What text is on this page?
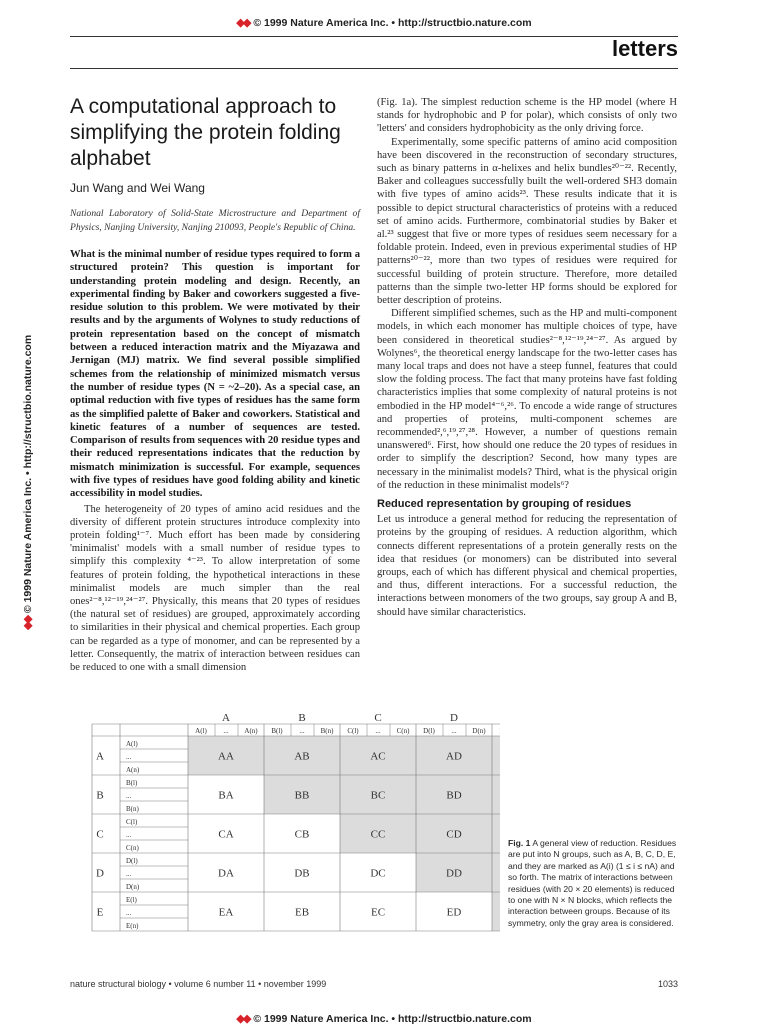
◆◆ © 1999 Nature America Inc. • http://structbio.nature.com
◆◆© 1999 Nature America Inc. • http://structbio.nature.com
letters
A computational approach to simplifying the protein folding alphabet
Jun Wang and Wei Wang
National Laboratory of Solid-State Microstructure and Department of Physics, Nanjing University, Nanjing 210093, People's Republic of China.
What is the minimal number of residue types required to form a structured protein? This question is important for understanding protein modeling and design. Recently, an experimental finding by Baker and coworkers suggested a five-residue solution to this problem. We were motivated by their results and by the arguments of Wolynes to study reductions of protein representation based on the concept of mismatch between a reduced interaction matrix and the Miyazawa and Jernigan (MJ) matrix. We find several possible simplified schemes from the relationship of minimized mismatch versus the number of residue types (N = ~2–20). As a special case, an optimal reduction with five types of residues has the same form as the simplified palette of Baker and coworkers. Statistical and kinetic features of a number of sequences are tested. Comparison of results from sequences with 20 residue types and their reduced representations indicates that the reduction by mismatch minimization is successful. For example, sequences with five types of residues have good folding ability and kinetic accessibility in model studies.

The heterogeneity of 20 types of amino acid residues and the diversity of different protein structures introduce complexity into protein folding¹⁻⁷. Much effort has been made by considering 'minimalist' models with a small number of residue types to simplify this complexity ⁴⁻²³. To allow interpretation of some features of protein folding, the hypothetical interactions in these minimalist models are much simpler than the real ones²⁻⁸,¹²⁻¹⁹,²⁴⁻²⁷. Physically, this means that 20 types of residues (the natural set of residues) are grouped, approximately according to similarities in their physical and chemical properties. Each group can be regarded as a type of monomer, and can be represented by a letter. Consequently, the matrix of interaction between residues can be reduced to one with a small dimension

(Fig. 1a). The simplest reduction scheme is the HP model (where H stands for hydrophobic and P for polar), which consists of only two 'letters' and considers hydrophobicity as the only driving force.

Experimentally, some specific patterns of amino acid composition have been discovered in the reconstruction of secondary structures, such as binary patterns in α-helixes and helix bundles²⁰⁻²². Recently, Baker and colleagues successfully built the well-ordered SH3 domain with five types of amino acids²³. These results indicate that it is possible to depict structural characteristics of proteins with a reduced set of amino acids. Furthermore, combinatorial studies by Baker et al.²³ suggest that five or more types of residues seem necessary for a foldable protein. Indeed, even in previous experimental studies of HP patterns²⁰⁻²², more than two types of residues were required for successful building of protein structure. Therefore, more detailed patterns than the simple two-letter HP forms should be explored for better description of proteins.

Different simplified schemes, such as the HP and multi-component models, in which each monomer has multiple choices of type, have been considered in theoretical studies²⁻⁸,¹²⁻¹⁹,²⁴⁻²⁷. As argued by Wolynes⁶, the theoretical energy landscape for the two-letter cases has many local traps and does not have a steep funnel, features that could slow the folding process. The fact that many proteins have fast folding characteristics implies that some complexity of natural proteins is not embodied in the HP model⁴⁻⁶,²⁶. To encode a wide range of structures and properties of proteins, multi-component schemes are recommended²,⁶,¹⁹,²⁷,²⁸. However, a number of questions remain unanswered⁶. First, how should one reduce the 20 types of residues in order to simplify the description? Second, how many types are necessary in the minimalist models? Third, what is the physical origin of the reduction in these minimalist models⁶?

Reduced representation by grouping of residues

Let us introduce a general method for reducing the representation of proteins by the grouping of residues. A reduction algorithm, which connects different representations of a protein generally rests on the idea that residues (or monomers) can be distributed into several groups, each of which has different physical and chemical properties, and thus, different interactions. For a successful reduction, the interactions between monomers of the two groups, say group A and B, should have similar characteristics.

A
A(l) ... A(n)
B
B(l) ... B(n)
C
C(l) ... C(n)
D
D(l) ... D(n)
A
A(l)
...
A(n)
B
B(l)
...
B(n)
C
C(l)
...
C(n)
D
D(l)
...
D(n)
E
E(l)
...
E(n)
AA	AB	AC	AD
BA	BB	BC	BD
CA	CB	CC	CD
DA	DB	DC	DD
EA	EB	EC	ED
Fig. 1 A general view of reduction. Residues are put into N groups, such as A, B, C, D, E, and they are marked as A(i) (1 ≤ i ≤ nA) and so forth. The matrix of interactions between residues (with 20 × 20 elements) is reduced to one with N × N blocks, which reflects the interaction between groups. Because of its symmetry, only the gray area is considered.
nature structural biology • volume 6 number 11 • november 1999	1033
◆◆ © 1999 Nature America Inc. • http://structbio.nature.com
